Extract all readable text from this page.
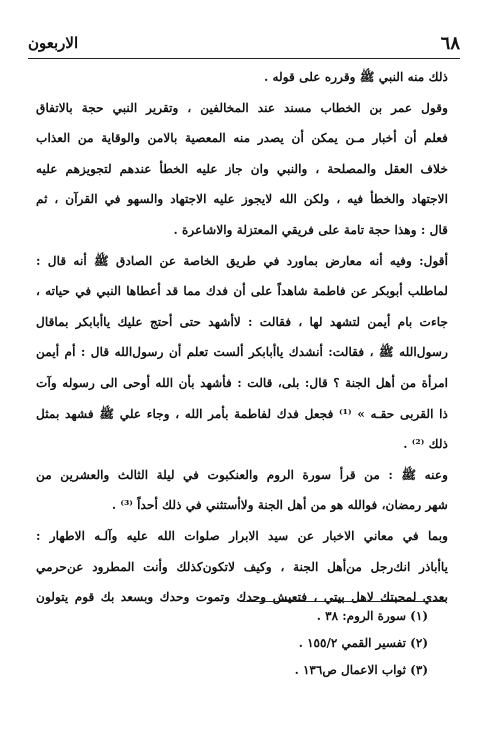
٦٨
الاربعون
ذلك منه النبي ﷺ وقرره على قوله .
وقول عمر بن الخطاب مسند عند المخالفين ، وتقرير النبي حجة بالاتفاق
فعلم أن أخبار مـن يمكن أن يصدر منه المعصية بالامن والوقاية من العذاب
خلاف العقل والمصلحة ، والنبي وان جاز عليه الخطأ عندهم لتجويزهم عليه
الاجتهاد والخطأ فيه ، ولكن الله لايجوز عليه الاجتهاد والسهو في القرآن ، ثم
قال : وهذا حجة تامة على فريقي المعتزلة والاشاعرة .
أقول: وفيه أنه معارض بماورد في طريق الخاصة عن الصادق ﷺ أنه قال :
لماطلب أبوبكر عن فاطمة شاهداً على أن فدك مما قد أعطاها النبي في حياته ،
جاءت بام أيمن لتشهد لها ، فقالت : لاأشهد حتى أحتج عليك ياأبابكر بماقال
رسول‌الله ﷺ ، فقالت: أنشدك ياأبابكر ألست تعلم أن رسول‌الله قال : أم أيمن
امرأة من أهل الجنة ؟ قال: بلى، قالت : فأشهد بأن الله أوحى الى رسوله وآت
ذا القربى حقـه » ⁽¹⁾ فجعل فدك لفاطمة بأمر الله ، وجاء علي ﷺ فشهد بمثل
ذلك ⁽²⁾ .
وعنه ﷺ : من قرأ سورة الروم والعنكبوت في ليلة الثالث والعشرين من
شهر رمضان، فوالله هو من أهل الجنة ولاأستثني في ذلك أحداً ⁽³⁾ .
وبما في معاني الاخبار عن سيد الابرار صلوات الله عليه وآلـه الاطهار :
ياأباذر انك‌رجل من‌أهل الجنة ، وكيف لاتكون‌كذلك وأنت المطرود عن‌حرمي
بعدي لمحبتك لاهل بيتي ، فتعيش وحدك وتموت وحدك وبسعد بك قوم يتولون
(١) سورة الروم: ٣٨ .
(٢) تفسير القمي ١٥٥/٢ .
(٣) ثواب الاعمال ص١٣٦ .
